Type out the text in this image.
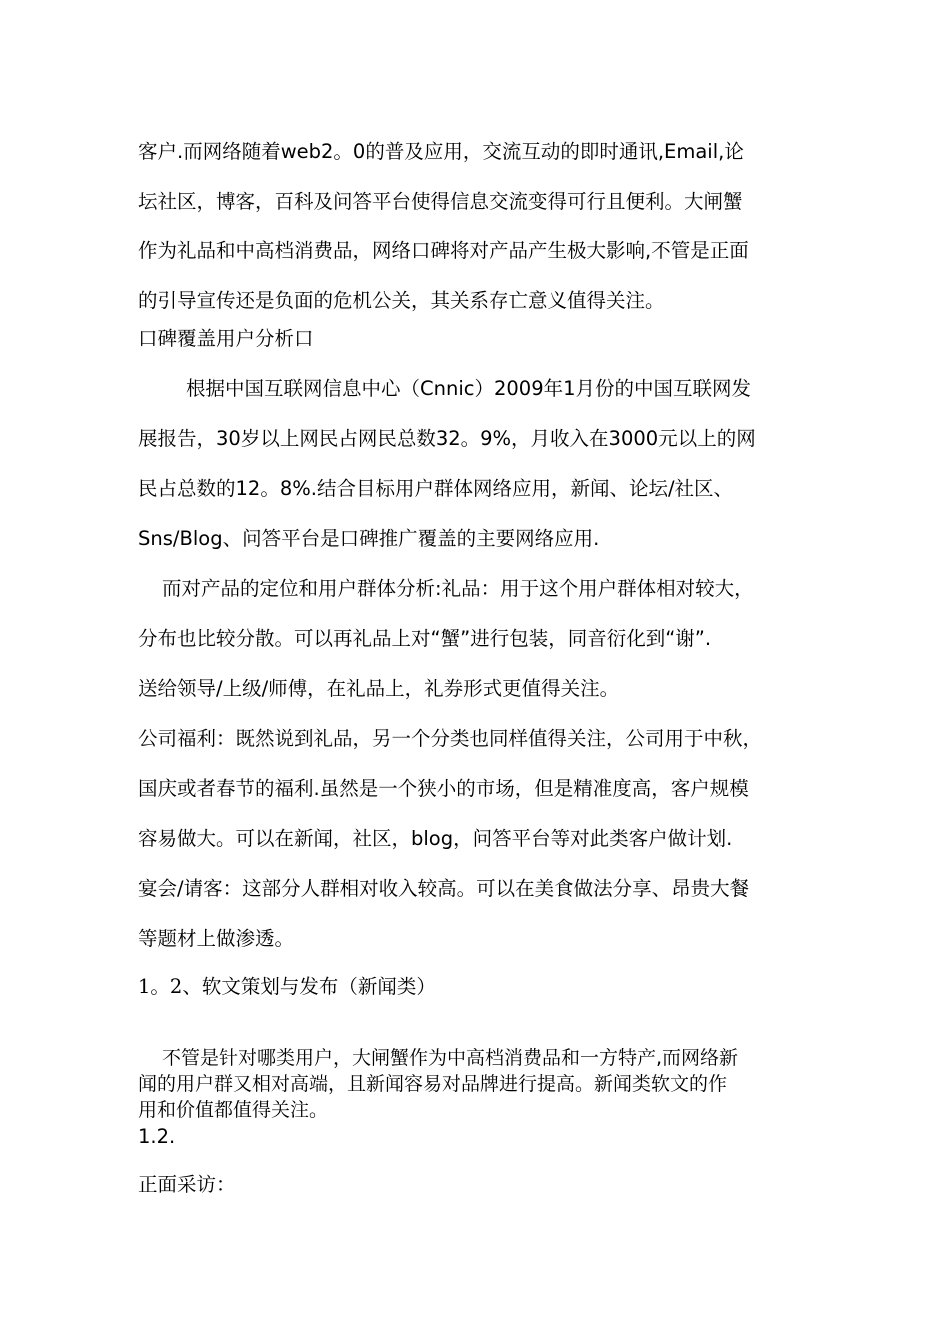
客户.而网络随着web2。0的普及应用，交流互动的即时通讯,Email,论
坛社区，博客，百科及问答平台使得信息交流变得可行且便利。大闸蟹
作为礼品和中高档消费品，网络口碑将对产品产生极大影响,不管是正面
的引导宣传还是负面的危机公关，其关系存亡意义值得关注。
口碑覆盖用户分析口
根据中国互联网信息中心（Cnnic）2009年1月份的中国互联网发
展报告，30岁以上网民占网民总数32。9%，月收入在3000元以上的网
民占总数的12。8%.结合目标用户群体网络应用，新闻、论坛/社区、
Sns/Blog、问答平台是口碑推广覆盖的主要网络应用.
而对产品的定位和用户群体分析:礼品：用于这个用户群体相对较大，
分布也比较分散。可以再礼品上对“蟹”进行包装，同音衍化到“谢”.
送给领导/上级/师傅，在礼品上，礼券形式更值得关注。
公司福利：既然说到礼品，另一个分类也同样值得关注，公司用于中秋，
国庆或者春节的福利.虽然是一个狭小的市场，但是精准度高，客户规模
容易做大。可以在新闻，社区，blog，问答平台等对此类客户做计划.
宴会/请客：这部分人群相对收入较高。可以在美食做法分享、昂贵大餐
等题材上做渗透。
1。2、软文策划与发布（新闻类）
不管是针对哪类用户，大闸蟹作为中高档消费品和一方特产,而网络新
闻的用户群又相对高端，且新闻容易对品牌进行提高。新闻类软文的作
用和价值都值得关注。
1.2.
正面采访：
